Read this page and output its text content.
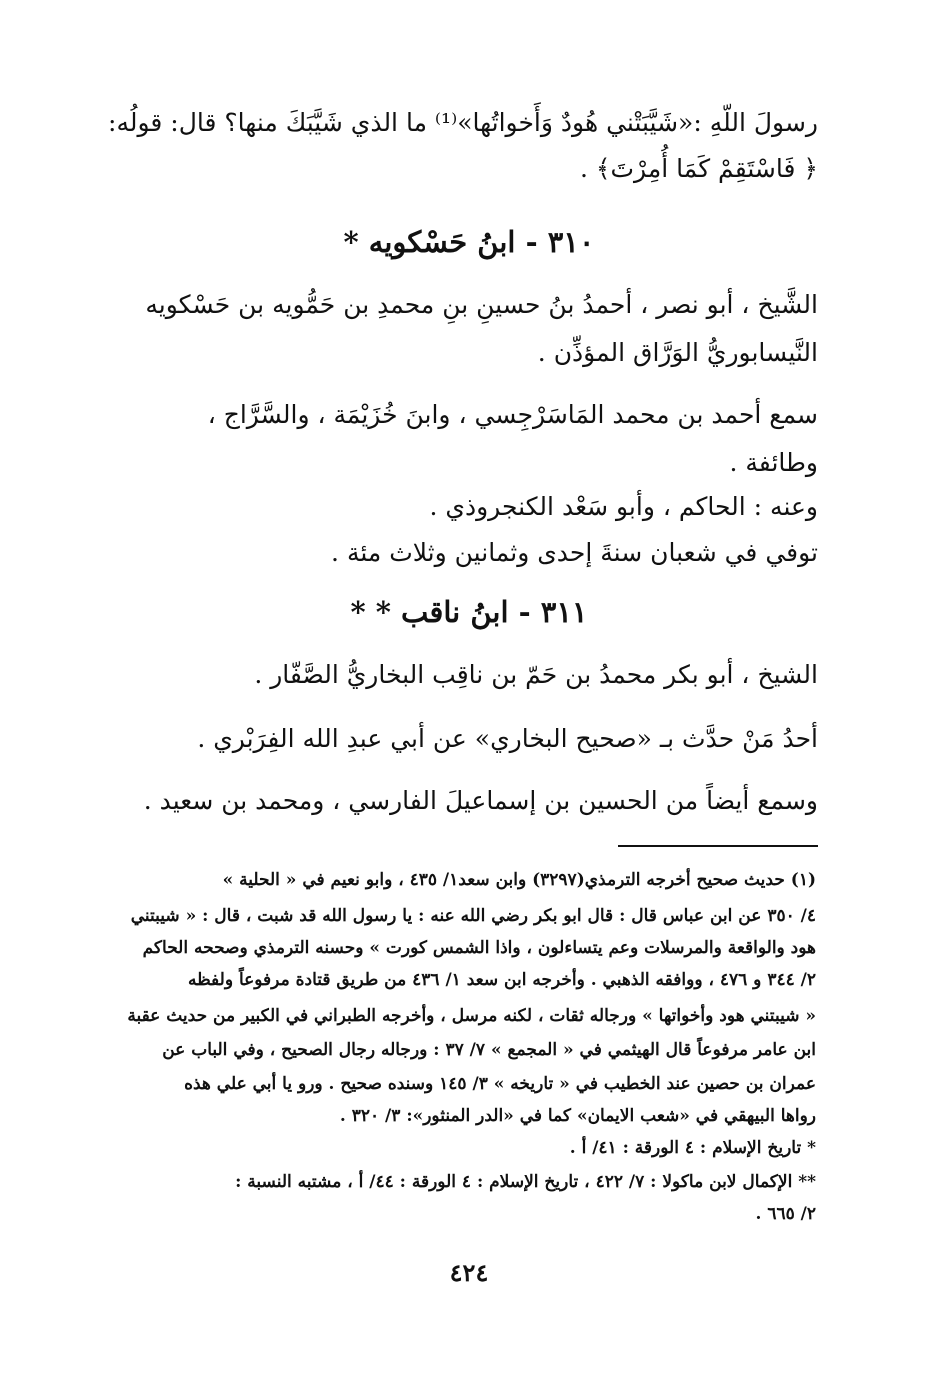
رسولَ اللّهِ :«شَيَّبَتْني هُودٌ وَأَخواتُها»⁽¹⁾ ما الذي شَيَّبَكَ منها؟ قال: قولُه:
﴿ فَاسْتَقِمْ كَمَا أُمِرْتَ﴾ .
٣١٠ - ابنُ حَسْكويه *
الشَّيخ ، أبو نصر ، أحمدُ بنُ حسينِ بنِ محمدِ بن حَمُّويه بن حَسْكويه
النَّيسابوريُّ الوَرَّاق المؤذِّن .
سمع أحمد بن محمد المَاسَرْجِسي ، وابنَ خُزَيْمَة ، والسَّرَّاج ،
وطائفة .
وعنه : الحاكم ، وأبو سَعْد الكنجروذي .
توفي في شعبان سنةَ إحدى وثمانين وثلاث مئة .
٣١١ - ابنُ ناقب * *
الشيخ ، أبو بكر محمدُ بن حَمّ بن ناقِب البخاريُّ الصَّفّار .
أحدُ مَنْ حدَّث بـ «صحيح البخاري» عن أبي عبدِ الله الفِرَبْري .
وسمع أيضاً من الحسين بن إسماعيلَ الفارسي ، ومحمد بن سعيد .
(١) حديث صحيح أخرجه الترمذي(٣٢٩٧) وابن سعد١/ ٤٣٥ ، وابو نعيم في « الحلية »
٤/ ٣٥٠ عن ابن عباس قال : قال ابو بكر رضي الله عنه : يا رسول الله قد شبت ، قال : « شيبتني
هود والواقعة والمرسلات وعم يتساءلون ، واذا الشمس كورت » وحسنه الترمذي وصححه الحاكم
٢/ ٣٤٤ و ٤٧٦ ، ووافقه الذهبي . وأخرجه ابن سعد ١/ ٤٣٦ من طريق قتادة مرفوعاً ولفظه
« شيبتني هود وأخواتها » ورجاله ثقات ، لكنه مرسل ، وأخرجه الطبراني في الكبير من حديث عقبة
ابن عامر مرفوعاً قال الهيثمي في « المجمع » ٧/ ٣٧ : ورجاله رجال الصحيح ، وفي الباب عن
عمران بن حصين عند الخطيب في « تاريخه » ٣/ ١٤٥ وسنده صحيح . ورو يا أبي علي هذه
رواها البيهقي في «شعب الايمان» كما في «الدر المنثور»: ٣/ ٣٢٠ .
* تاريخ الإسلام : ٤ الورقة : ٤١/ أ .
** الإكمال لابن ماكولا : ٧/ ٤٢٢ ، تاريخ الإسلام : ٤ الورقة : ٤٤/ أ ، مشتبه النسبة :
٢/ ٦٦٥ .
٤٢٤
